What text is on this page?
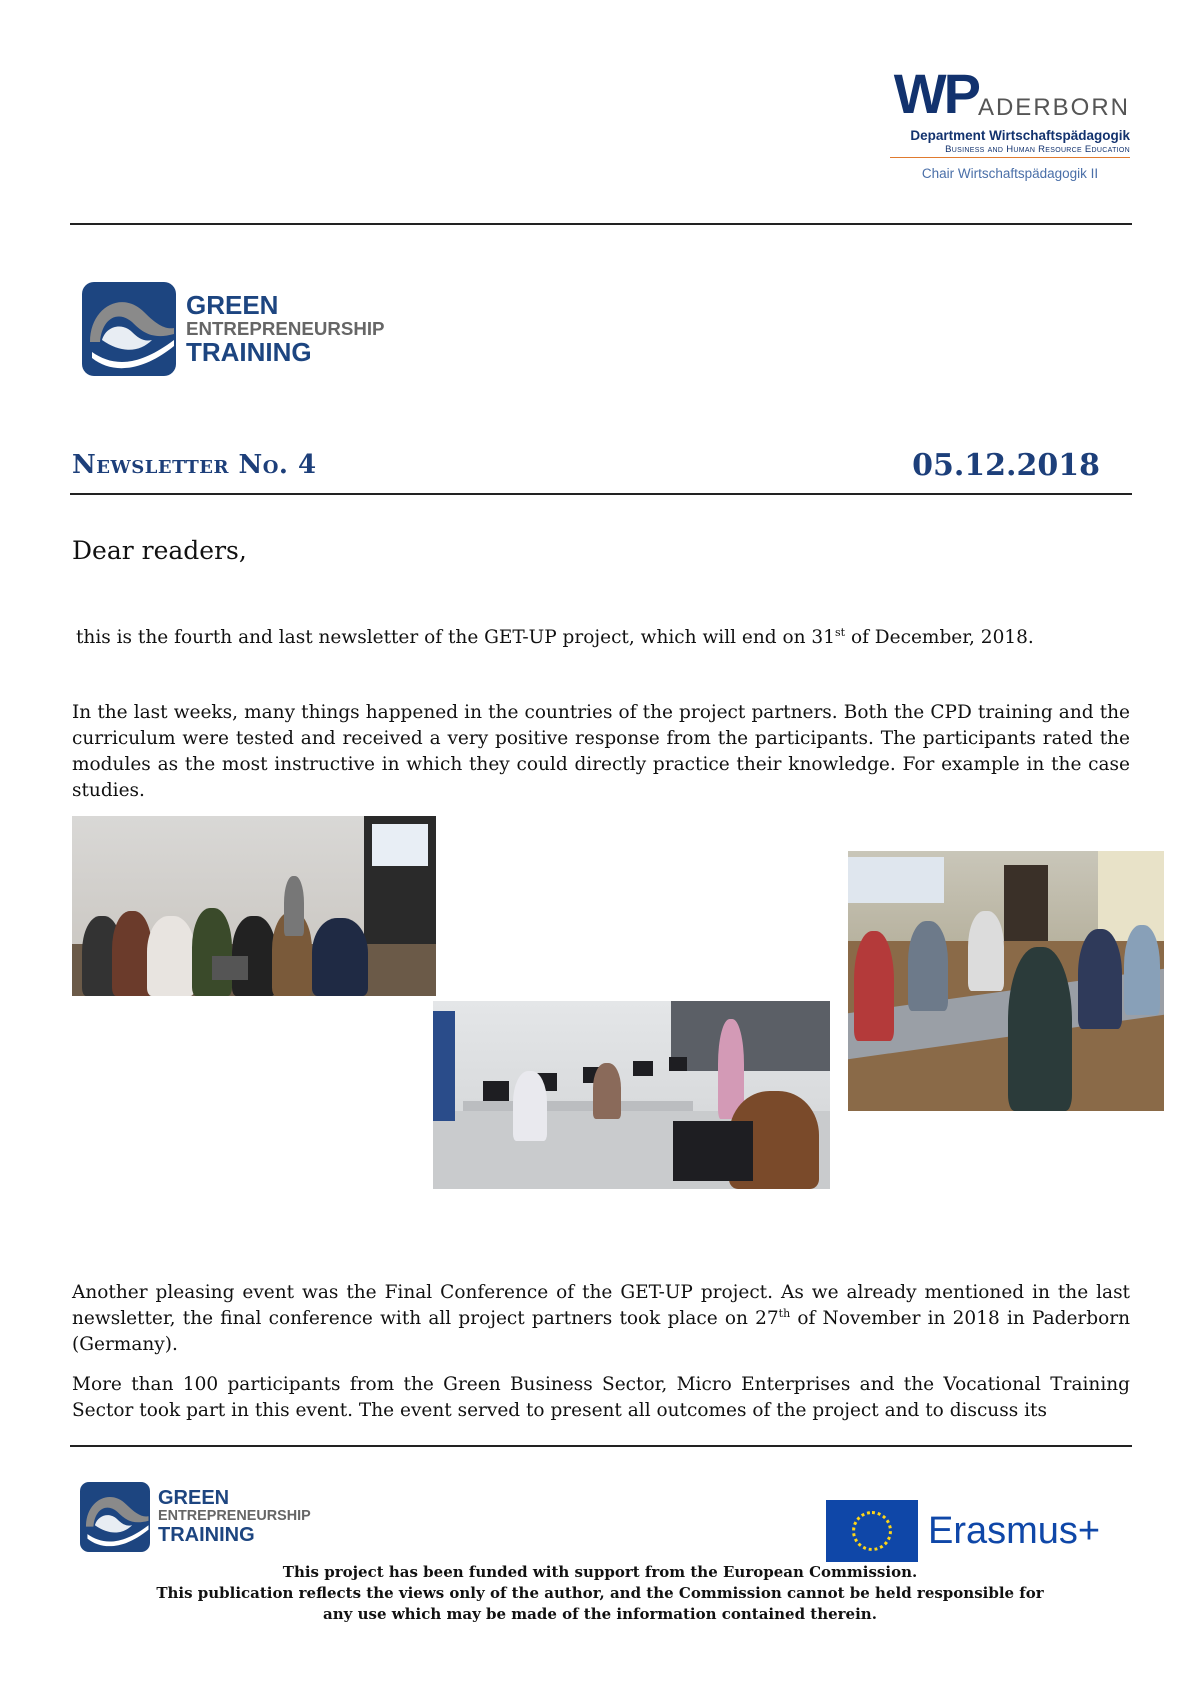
WPADERBORN
Department Wirtschaftspädagogik
Business and Human Resource Education
Chair Wirtschaftspädagogik II
GREEN
ENTREPRENEURSHIP
TRAINING
Newsletter No. 4	05.12.2018
Dear readers,
this is the fourth and last newsletter of the GET-UP project, which will end on 31st of December, 2018.
In the last weeks, many things happened in the countries of the project partners. Both the CPD training and the curriculum were tested and received a very positive response from the participants. The participants rated the modules as the most instructive in which they could directly practice their knowledge. For example in the case studies.
Another pleasing event was the Final Conference of the GET-UP project. As we already mentioned in the last newsletter, the final conference with all project partners took place on 27th of November in 2018 in Paderborn (Germany).
More than 100 participants from the Green Business Sector, Micro Enterprises and the Vocational Training Sector took part in this event. The event served to present all outcomes of the project and to discuss its
GREEN
ENTREPRENEURSHIP
TRAINING	Erasmus+
This project has been funded with support from the European Commission.
This publication reflects the views only of the author, and the Commission cannot be held responsible for
any use which may be made of the information contained therein.
